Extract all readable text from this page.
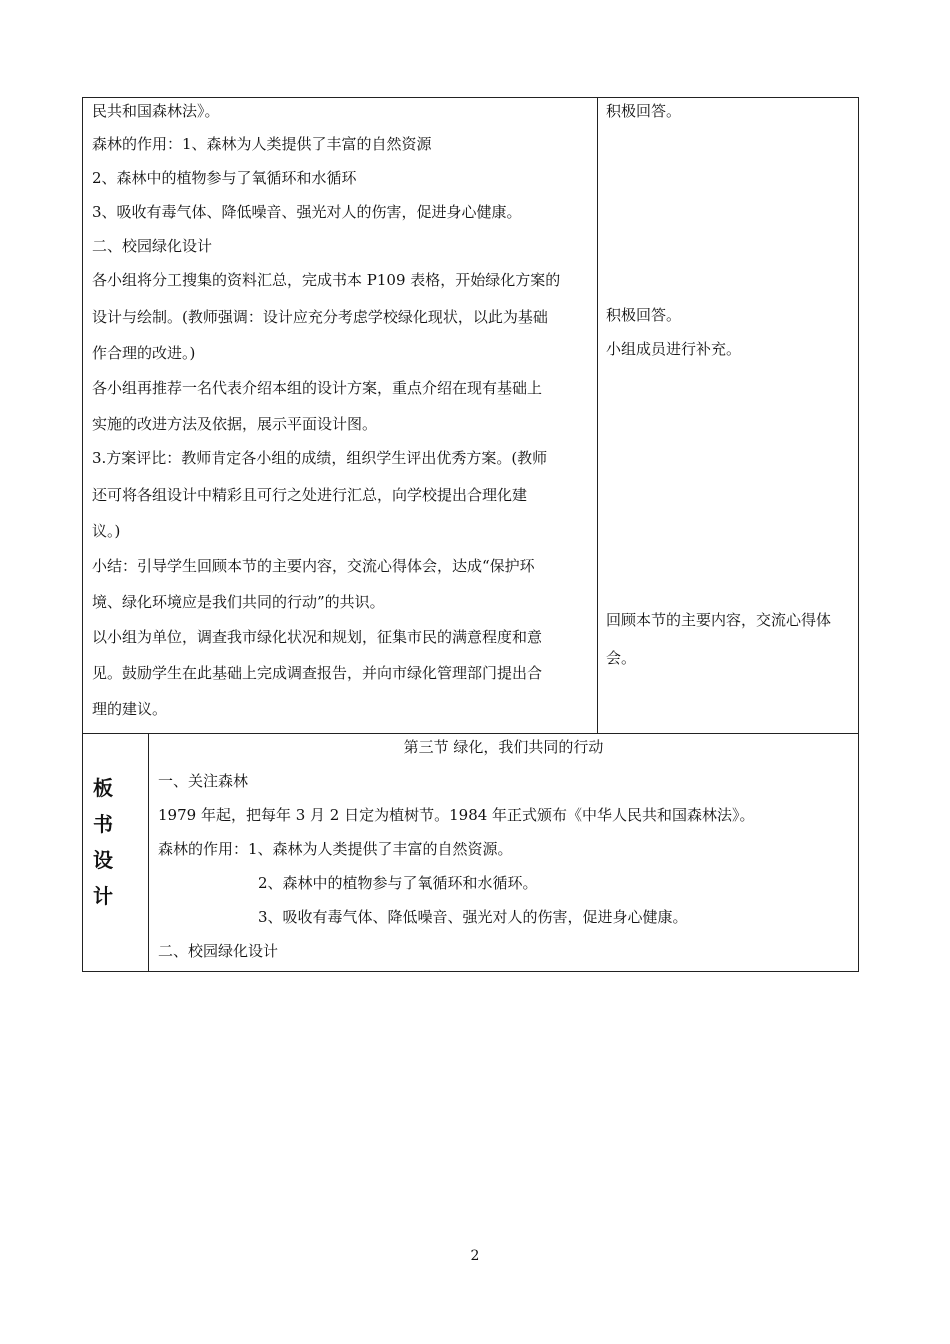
民共和国森林法》。
森林的作用：1、森林为人类提供了丰富的自然资源
2、森林中的植物参与了氧循环和水循环
3、吸收有毒气体、降低噪音、强光对人的伤害，促进身心健康。
二、校园绿化设计
各小组将分工搜集的资料汇总，完成书本 P109 表格，开始绿化方案的
设计与绘制。(教师强调：设计应充分考虑学校绿化现状，以此为基础
作合理的改进。)
各小组再推荐一名代表介绍本组的设计方案，重点介绍在现有基础上
实施的改进方法及依据，展示平面设计图。
3.方案评比：教师肯定各小组的成绩，组织学生评出优秀方案。(教师
还可将各组设计中精彩且可行之处进行汇总，向学校提出合理化建
议。)
小结：引导学生回顾本节的主要内容，交流心得体会，达成“保护环
境、绿化环境应是我们共同的行动”的共识。
以小组为单位，调查我市绿化状况和规划，征集市民的满意程度和意
见。鼓励学生在此基础上完成调查报告，并向市绿化管理部门提出合
理的建议。
积极回答。
积极回答。
小组成员进行补充。
回顾本节的主要内容，交流心得体
会。
板
书
设
计
第三节 绿化，我们共同的行动
一、关注森林
1979 年起，把每年 3 月 2 日定为植树节。1984 年正式颁布《中华人民共和国森林法》。
森林的作用：1、森林为人类提供了丰富的自然资源。
2、森林中的植物参与了氧循环和水循环。
3、吸收有毒气体、降低噪音、强光对人的伤害，促进身心健康。
二、校园绿化设计
2
